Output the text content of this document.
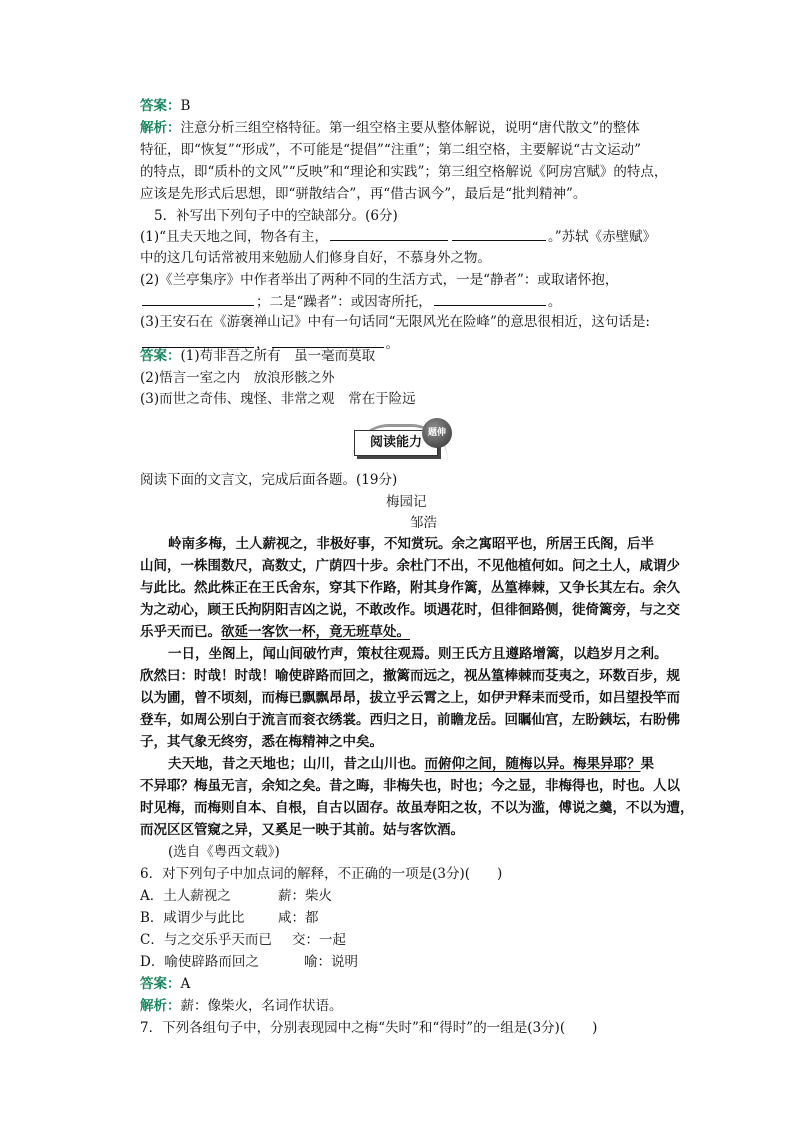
答案：B
解析：注意分析三组空格特征。第一组空格主要从整体解说，说明“唐代散文”的整体
特征，即“恢复”“形成”，不可能是“提倡”“注重”；第二组空格，主要解说“古文运动”
的特点，即“质朴的文风”“反映”和“理论和实践”；第三组空格解说《阿房宫赋》的特点，
应该是先形式后思想，即“骈散结合”，再“借古讽今”，最后是“批判精神”。
5．补写出下列句子中的空缺部分。(6分)
(1)“且夫天地之间，物各有主，	。”苏轼《赤壁赋》
中的这几句话常被用来勉励人们修身自好，不慕身外之物。
(2)《兰亭集序》中作者举出了两种不同的生活方式，一是“静者”：或取诸怀抱，
；二是“躁者”：或因寄所托，	。
(3)王安石在《游褒禅山记》中有一句话同“无限风光在险峰”的意思很相近，这句话是:
，	。
答案：(1)苟非吾之所有　虽一毫而莫取
(2)悟言一室之内　放浪形骸之外
(3)而世之奇伟、瑰怪、非常之观　常在于险远
阅读能力
题伸
阅读下面的文言文，完成后面各题。(19分)
梅园记
邹浩
岭南多梅，土人薪视之，非极好事，不知赏玩。余之寓昭平也，所居王氏阁，后半
山间，一株围数尺，高数丈，广荫四十步。余杜门不出，不见他植何如。问之土人，咸谓少
与此比。然此株正在王氏舍东，穿其下作路，附其身作篱，丛篁棒棘，又争长其左右。余久
为之动心，顾王氏拘阴阳吉凶之说，不敢改作。顷遇花时，但徘徊路侧，徙倚篱旁，与之交
乐乎天而已。欲延一客饮一杯，竟无班草处。
一日，坐阁上，闻山间破竹声，策杖往观焉。则王氏方且遵路增篱，以趋岁月之利。
欣然曰：时哉！时哉！喻使辟路而回之，撤篱而远之，视丛篁棒棘而芟夷之，环数百步，规
以为圃，曾不顷刻，而梅已飘飘昂昂，拔立乎云霄之上，如伊尹释耒而受币，如吕望投竿而
登车，如周公别白于流言而衮衣绣裳。西归之日，前瞻龙岳。回瞩仙宫，左盼銕坛，右盼佛
子，其气象无终穷，悉在梅精神之中矣。
夫天地，昔之天地也；山川，昔之山川也。而俯仰之间，随梅以异。梅果异耶？果
不异耶？梅虽无言，余知之矣。昔之晦，非梅失也，时也；今之显，非梅得也，时也。人以
时见梅，而梅则自本、自根，自古以固存。故虽寿阳之妆，不以为滥，傅说之羹，不以为遭，
而况区区管窥之异，又奚足一映于其前。姑与客饮酒。
(选自《粤西文载》)
6．对下列句子中加点词的解释，不正确的一项是(3分)(　　)
A．土人薪视之	薪：柴火
B．咸谓少与此比 咸：都
C．与之交乐乎天而已 交：一起
D．喻使辟路而回之	喻：说明
答案：A
解析：薪：像柴火，名词作状语。
7．下列各组句子中，分别表现园中之梅“失时”和“得时”的一组是(3分)(　　)
